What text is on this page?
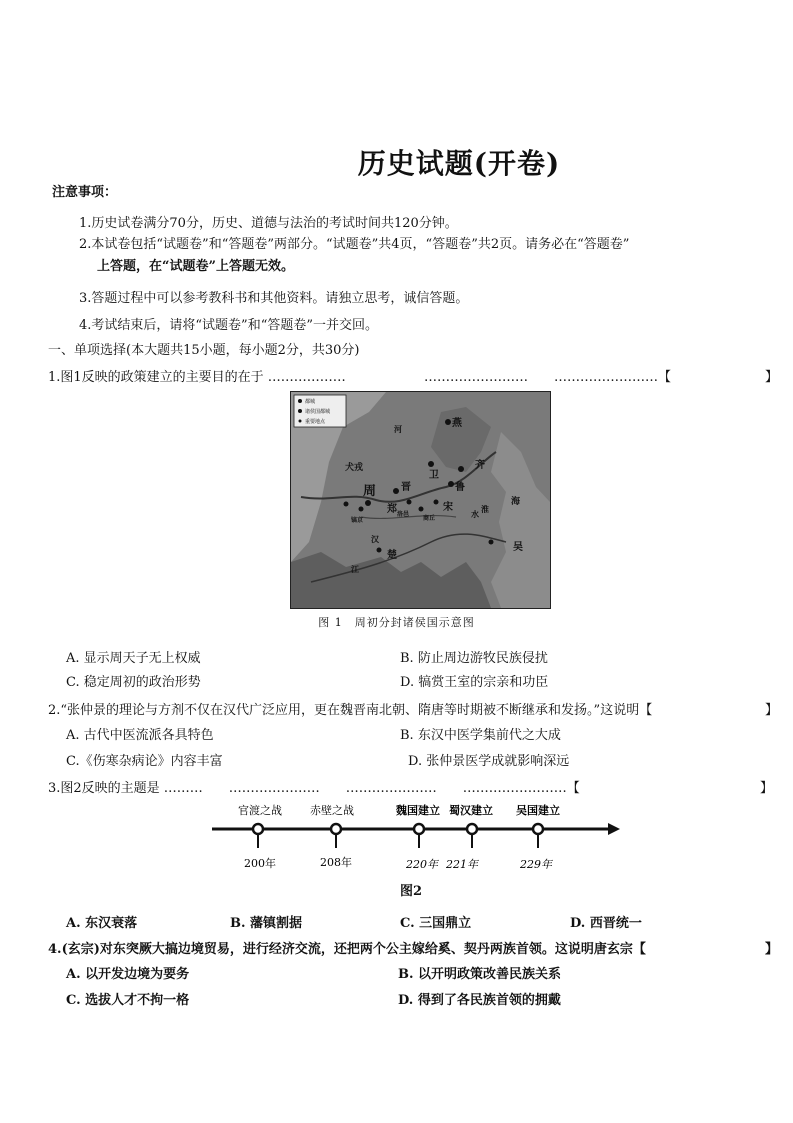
历史试题(开卷)
注意事项：
1.历史试卷满分70分，历史、道德与法治的考试时间共120分钟。
2.本试卷包括“试题卷”和“答题卷”两部分。“试题卷”共4页，“答题卷”共2页。请务必在“答题卷”
上答题，在“试题卷”上答题无效。
3.答题过程中可以参考教科书和其他资料。请独立思考，诚信答题。
4.考试结束后，请将“试题卷”和“答题卷”一并交回。
一、单项选择(本大题共15小题，每小题2分，共30分)
1.图1反映的政策建立的主要目的在于 ………………	……………………　　……………………【	】
都城
诸侯国都城
重要地点	燕
齐
鲁
晋
卫
宋
周
郑
楚
吴
犬戎
镐京
洛邑
商丘
河
海
江
淮
汉
水
图 1　周初分封诸侯国示意图
A. 显示周天子无上权威	B. 防止周边游牧民族侵扰
C. 稳定周初的政治形势	D. 犒赏王室的宗亲和功臣
2.“张仲景的理论与方剂不仅在汉代广泛应用，更在魏晋南北朝、隋唐等时期被不断继承和发扬。”这说明【	】
A. 古代中医流派各具特色	B. 东汉中医学集前代之大成
C.《伤寒杂病论》内容丰富	D. 张仲景医学成就影响深远
3.图2反映的主题是 ………　　…………………　　…………………　　……………………【	】
官渡之战
200年
赤壁之战
208年
魏国建立
220年
蜀汉建立
221年
吴国建立
229年
图2
A. 东汉衰落	B. 藩镇割据	C. 三国鼎立	D. 西晋统一
4.(玄宗)对东突厥大搞边境贸易，进行经济交流，还把两个公主嫁给奚、契丹两族首领。这说明唐玄宗【	】
A. 以开发边境为要务	B. 以开明政策改善民族关系
C. 选拔人才不拘一格	D. 得到了各民族首领的拥戴
